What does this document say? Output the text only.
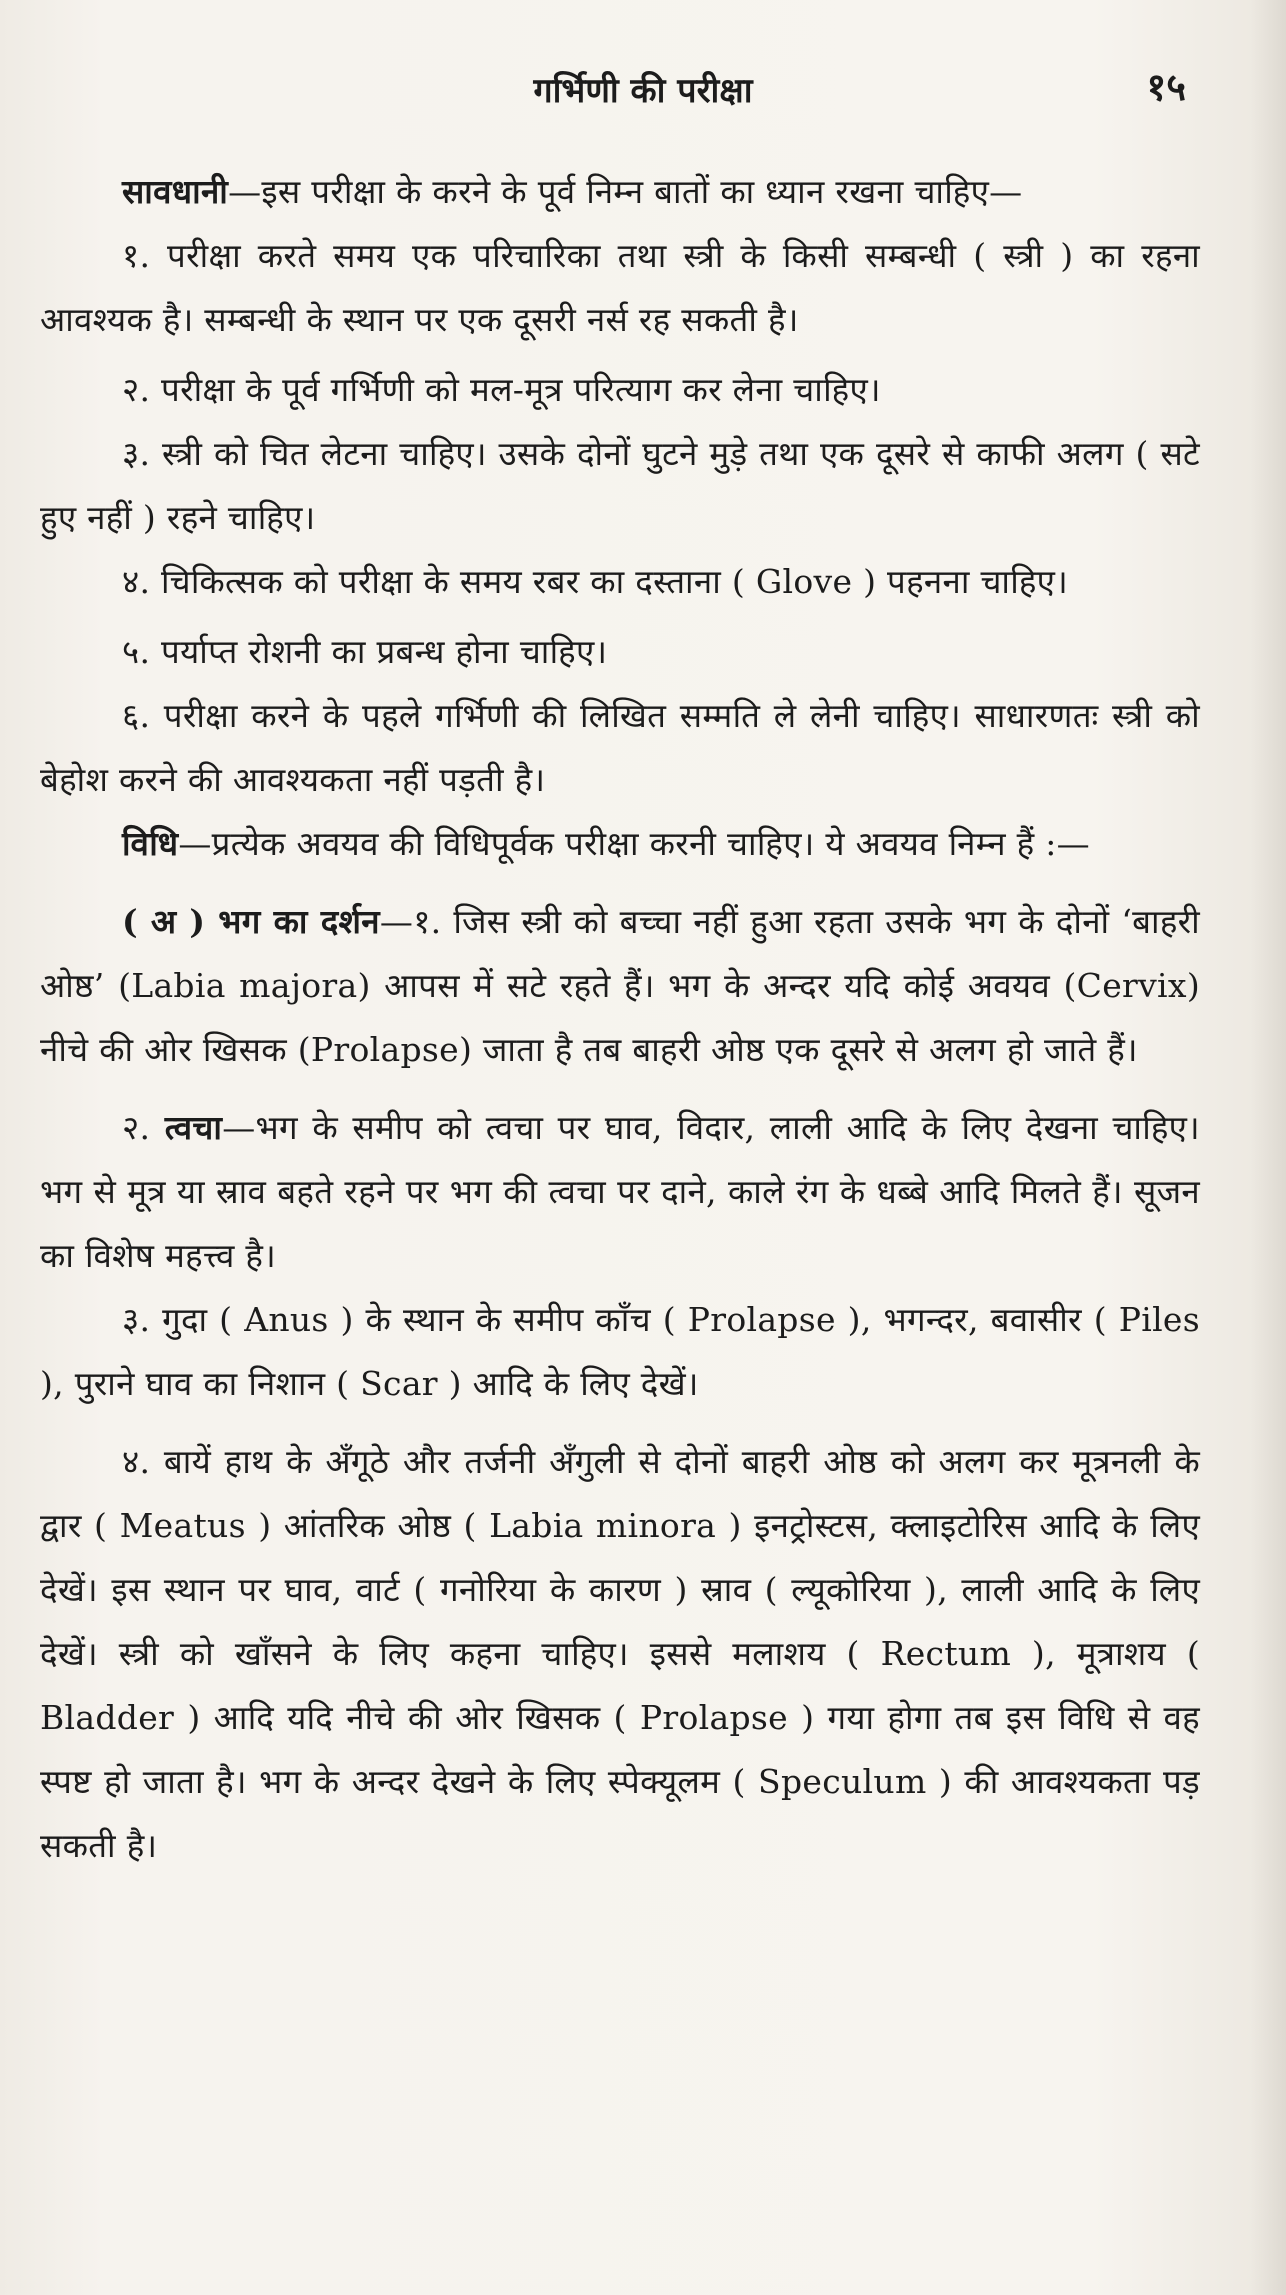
गर्भिणी की परीक्षा	१५

सावधानी—इस परीक्षा के करने के पूर्व निम्न बातों का ध्यान रखना चाहिए—

१. परीक्षा करते समय एक परिचारिका तथा स्त्री के किसी सम्बन्धी ( स्त्री ) का रहना आवश्यक है। सम्बन्धी के स्थान पर एक दूसरी नर्स रह सकती है।

२. परीक्षा के पूर्व गर्भिणी को मल-मूत्र परित्याग कर लेना चाहिए।

३. स्त्री को चित लेटना चाहिए। उसके दोनों घुटने मुड़े तथा एक दूसरे से काफी अलग ( सटे हुए नहीं ) रहने चाहिए।

४. चिकित्सक को परीक्षा के समय रबर का दस्ताना ( Glove ) पहनना चाहिए।

५. पर्याप्त रोशनी का प्रबन्ध होना चाहिए।

६. परीक्षा करने के पहले गर्भिणी की लिखित सम्मति ले लेनी चाहिए। साधारणतः स्त्री को बेहोश करने की आवश्यकता नहीं पड़ती है।

विधि—प्रत्येक अवयव की विधिपूर्वक परीक्षा करनी चाहिए। ये अवयव निम्न हैं :—

( अ ) भग का दर्शन—१. जिस स्त्री को बच्चा नहीं हुआ रहता उसके भग के दोनों ‘बाहरी ओष्ठ’ (Labia majora) आपस में सटे रहते हैं। भग के अन्दर यदि कोई अवयव (Cervix) नीचे की ओर खिसक (Prolapse) जाता है तब बाहरी ओष्ठ एक दूसरे से अलग हो जाते हैं।

२. त्वचा—भग के समीप को त्वचा पर घाव, विदार, लाली आदि के लिए देखना चाहिए। भग से मूत्र या स्राव बहते रहने पर भग की त्वचा पर दाने, काले रंग के धब्बे आदि मिलते हैं। सूजन का विशेष महत्त्व है।

३. गुदा ( Anus ) के स्थान के समीप काँच ( Prolapse ), भगन्दर, बवासीर ( Piles ), पुराने घाव का निशान ( Scar ) आदि के लिए देखें।

४. बायें हाथ के अँगूठे और तर्जनी अँगुली से दोनों बाहरी ओष्ठ को अलग कर मूत्रनली के द्वार ( Meatus ) आंतरिक ओष्ठ ( Labia minora ) इनट्रोस्टस, क्लाइटोरिस आदि के लिए देखें। इस स्थान पर घाव, वार्ट ( गनोरिया के कारण ) स्राव ( ल्यूकोरिया ), लाली आदि के लिए देखें। स्त्री को खाँसने के लिए कहना चाहिए। इससे मलाशय ( Rectum ), मूत्राशय ( Bladder ) आदि यदि नीचे की ओर खिसक ( Prolapse ) गया होगा तब इस विधि से वह स्पष्ट हो जाता है। भग के अन्दर देखने के लिए स्पेक्यूलम ( Speculum ) की आवश्यकता पड़ सकती है।
